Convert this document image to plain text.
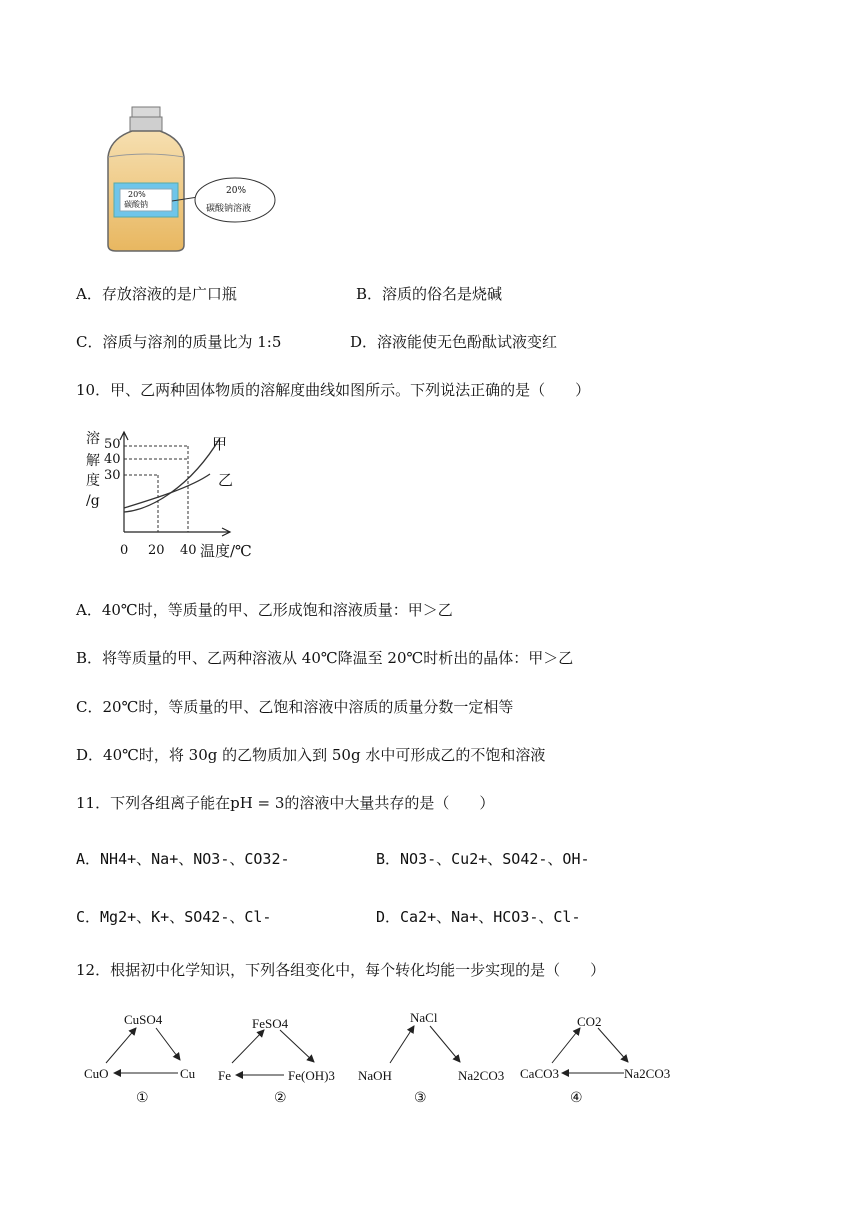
20%
碳酸钠
20%
碳酸钠溶液
A．存放溶液的是广口瓶	B．溶质的俗名是烧碱
C．溶质与溶剂的质量比为 1:5	D．溶液能使无色酚酞试液变红
10．甲、乙两种固体物质的溶解度曲线如图所示。下列说法正确的是（　　）
溶
解
度
/g
50
40
30
0 20 40 温度/℃
甲
乙
A．40℃时，等质量的甲、乙形成饱和溶液质量：甲＞乙
B．将等质量的甲、乙两种溶液从 40℃降温至 20℃时析出的晶体：甲＞乙
C．20℃时，等质量的甲、乙饱和溶液中溶质的质量分数一定相等
D．40℃时，将 30g 的乙物质加入到 50g 水中可形成乙的不饱和溶液
11．下列各组离子能在pH = 3的溶液中大量共存的是（　　）
A．NH4+、Na+、NO3-、CO32-	B．NO3-、Cu2+、SO42-、OH-
C．Mg2+、K+、SO42-、Cl-	D．Ca2+、Na+、HCO3-、Cl-
12．根据初中化学知识，下列各组变化中，每个转化均能一步实现的是（　　）
CuSO4
CuO	Cu
①
FeSO4
Fe	Fe(OH)3
②
NaCl
NaOH	Na2CO3
③
CO2
CaCO3	Na2CO3
④
